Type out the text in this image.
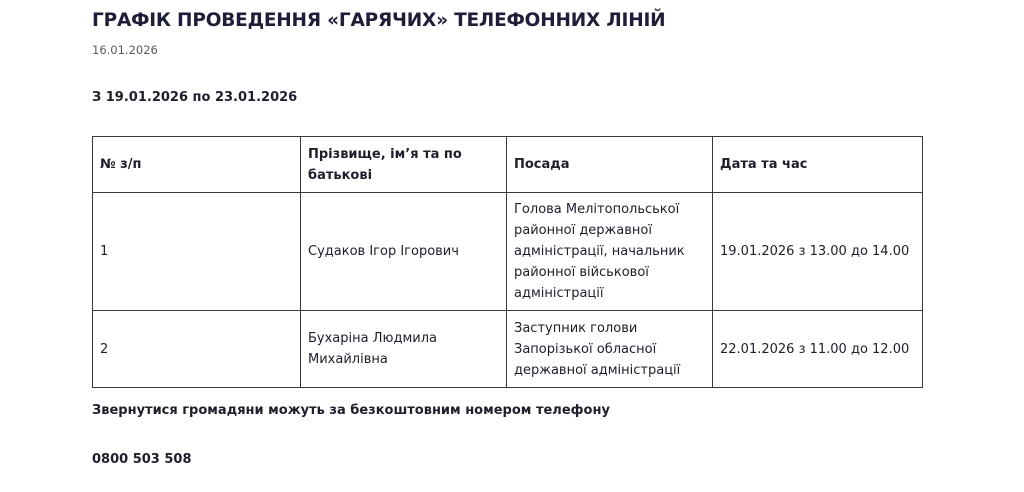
ГРАФІК ПРОВЕДЕННЯ «ГАРЯЧИХ» ТЕЛЕФОННИХ ЛІНІЙ
16.01.2026
З 19.01.2026 по 23.01.2026
№ з/п	Прізвище, ім’я та по батькові	Посада	Дата та час
1	Судаков Ігор Ігорович	Голова Мелітопольської районної державної адміністрації, начальник районної військової адміністрації	19.01.2026 з 13.00 до 14.00
2	Бухаріна Людмила Михайлівна	Заступник голови Запорізької обласної державної адміністрації	22.01.2026 з 11.00 до 12.00
Звернутися громадяни можуть за безкоштовним номером телефону
0800 503 508
